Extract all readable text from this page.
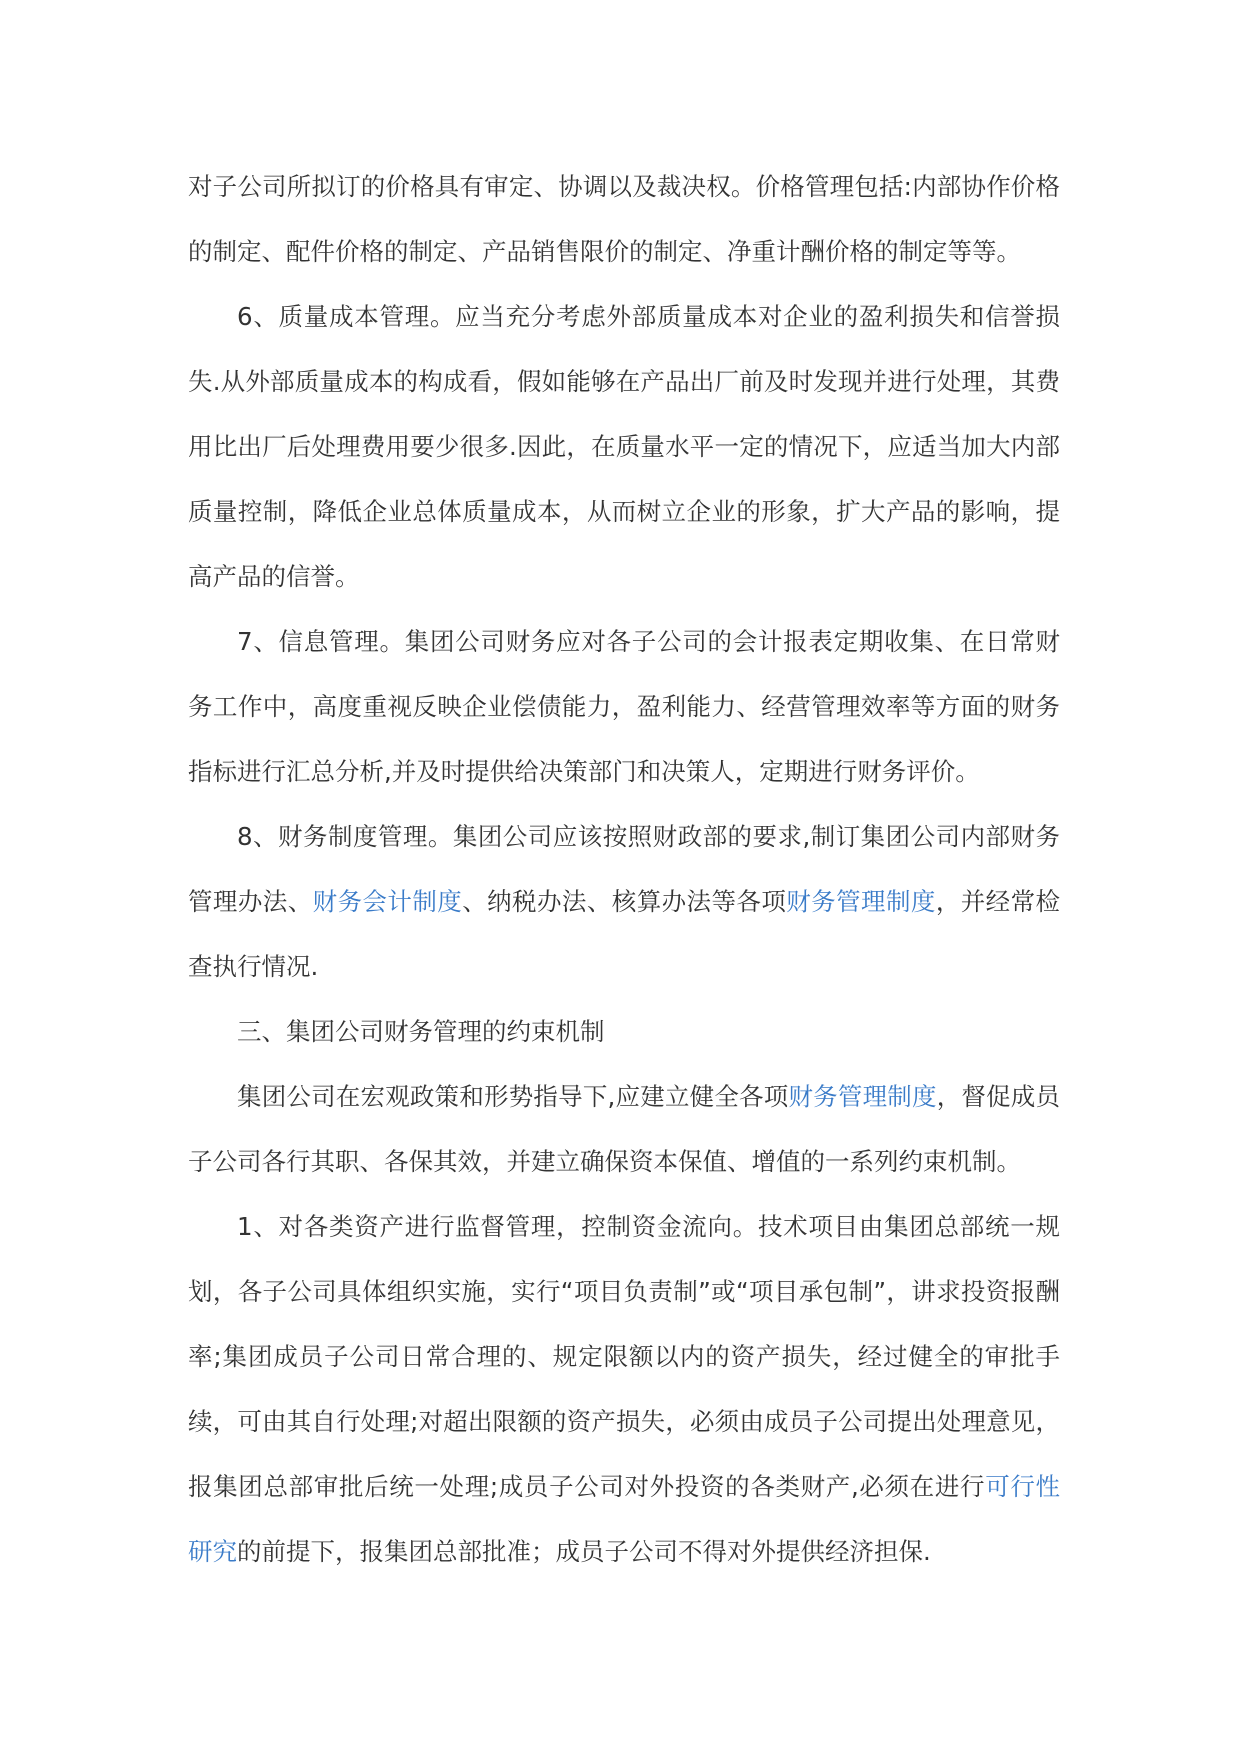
对子公司所拟订的价格具有审定、协调以及裁决权。价格管理包括:内部协作价格的制定、配件价格的制定、产品销售限价的制定、净重计酬价格的制定等等。

6、质量成本管理。应当充分考虑外部质量成本对企业的盈利损失和信誉损失.从外部质量成本的构成看，假如能够在产品出厂前及时发现并进行处理，其费用比出厂后处理费用要少很多.因此，在质量水平一定的情况下，应适当加大内部质量控制，降低企业总体质量成本，从而树立企业的形象，扩大产品的影响，提高产品的信誉。

7、信息管理。集团公司财务应对各子公司的会计报表定期收集、在日常财务工作中，高度重视反映企业偿债能力，盈利能力、经营管理效率等方面的财务指标进行汇总分析,并及时提供给决策部门和决策人，定期进行财务评价。

8、财务制度管理。集团公司应该按照财政部的要求,制订集团公司内部财务管理办法、财务会计制度、纳税办法、核算办法等各项财务管理制度，并经常检查执行情况.

三、集团公司财务管理的约束机制

集团公司在宏观政策和形势指导下,应建立健全各项财务管理制度，督促成员子公司各行其职、各保其效，并建立确保资本保值、增值的一系列约束机制。

1、对各类资产进行监督管理，控制资金流向。技术项目由集团总部统一规划，各子公司具体组织实施，实行“项目负责制”或“项目承包制”，讲求投资报酬率;集团成员子公司日常合理的、规定限额以内的资产损失，经过健全的审批手续，可由其自行处理;对超出限额的资产损失，必须由成员子公司提出处理意见，报集团总部审批后统一处理;成员子公司对外投资的各类财产,必须在进行可行性研究的前提下，报集团总部批准；成员子公司不得对外提供经济担保.
